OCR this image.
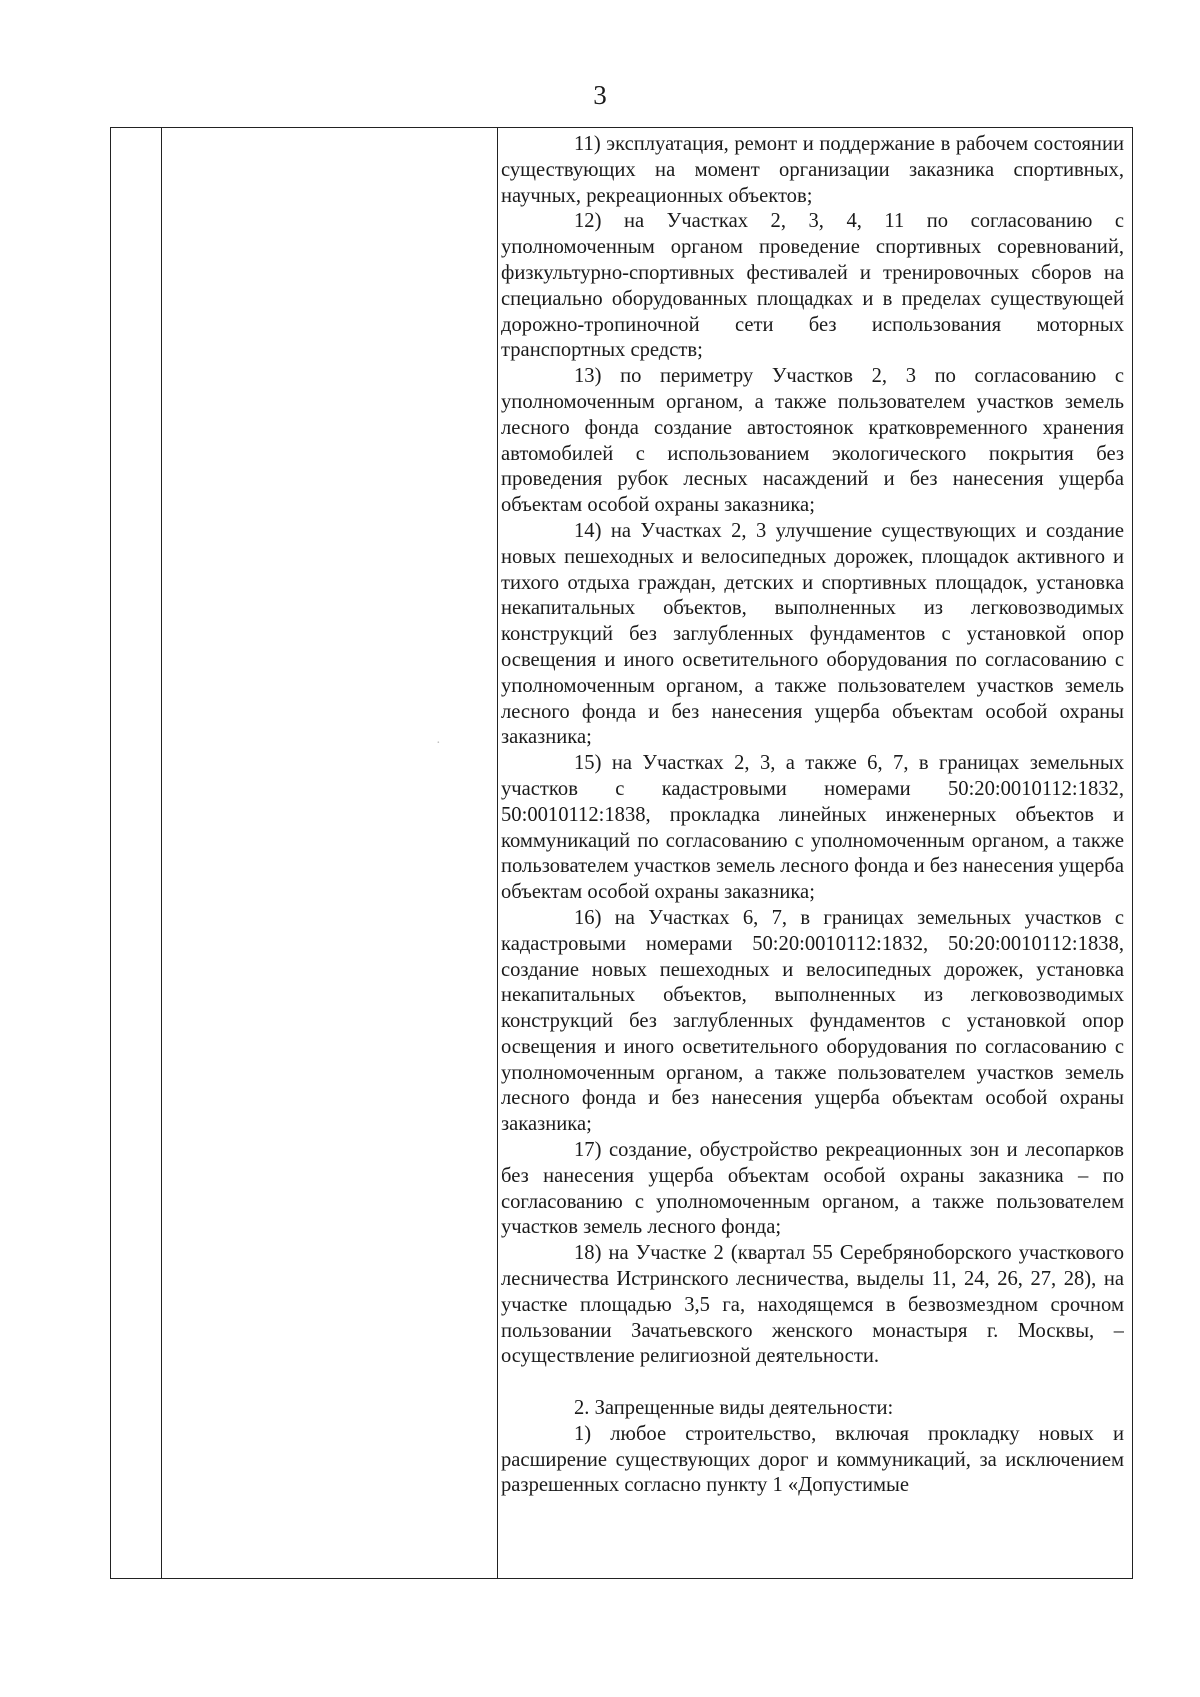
3

11) эксплуатация, ремонт и поддержание в рабочем состоянии существующих на момент организации заказника спортивных, научных, рекреационных объектов;

12) на Участках 2, 3, 4, 11 по согласованию с уполномоченным органом проведение спортивных соревнований, физкультурно-спортивных фестивалей и тренировочных сборов на специально оборудованных площадках и в пределах существующей дорожно-тропиночной сети без использования моторных транспортных средств;

13) по периметру Участков 2, 3 по согласованию с уполномоченным органом, а также пользователем участков земель лесного фонда создание автостоянок кратковременного хранения автомобилей с использованием экологического покрытия без проведения рубок лесных насаждений и без нанесения ущерба объектам особой охраны заказника;

14) на Участках 2, 3 улучшение существующих и создание новых пешеходных и велосипедных дорожек, площадок активного и тихого отдыха граждан, детских и спортивных площадок, установка некапитальных объектов, выполненных из легковозводимых конструкций без заглубленных фундаментов с установкой опор освещения и иного осветительного оборудования по согласованию с уполномоченным органом, а также пользователем участков земель лесного фонда и без нанесения ущерба объектам особой охраны заказника;

15) на Участках 2, 3, а также 6, 7, в границах земельных участков с кадастровыми номерами 50:20:0010112:1832, 50:0010112:1838, прокладка линейных инженерных объектов и коммуникаций по согласованию с уполномоченным органом, а также пользователем участков земель лесного фонда и без нанесения ущерба объектам особой охраны заказника;

16) на Участках 6, 7, в границах земельных участков с кадастровыми номерами 50:20:0010112:1832, 50:20:0010112:1838, создание новых пешеходных и велосипедных дорожек, установка некапитальных объектов, выполненных из легковозводимых конструкций без заглубленных фундаментов с установкой опор освещения и иного осветительного оборудования по согласованию с уполномоченным органом, а также пользователем участков земель лесного фонда и без нанесения ущерба объектам особой охраны заказника;

17) создание, обустройство рекреационных зон и лесопарков без нанесения ущерба объектам особой охраны заказника – по согласованию с уполномоченным органом, а также пользователем участков земель лесного фонда;

18) на Участке 2 (квартал 55 Серебряноборского участкового лесничества Истринского лесничества, выделы 11, 24, 26, 27, 28), на участке площадью 3,5 га, находящемся в безвозмездном срочном пользовании Зачатьевского женского монастыря г. Москвы, – осуществление религиозной деятельности.

2. Запрещенные виды деятельности:

1) любое строительство, включая прокладку новых и расширение существующих дорог и коммуникаций, за исключением разрешенных согласно пункту 1 «Допустимые

·
